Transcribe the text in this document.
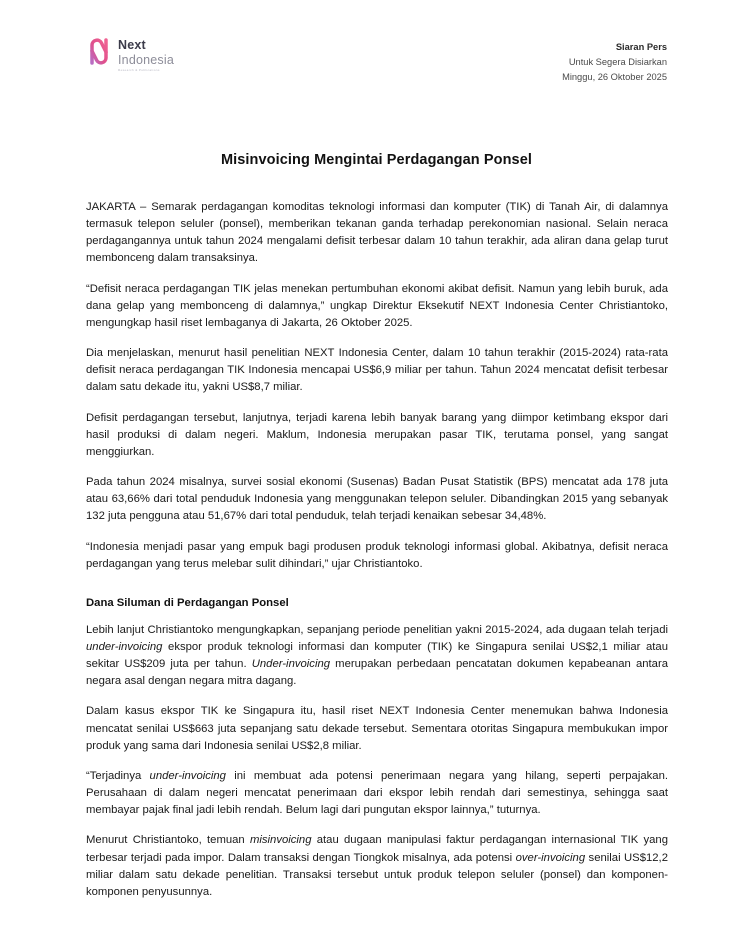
Next
Indonesia
Research & Publications
Siaran Pers
Untuk Segera Disiarkan
Minggu, 26 Oktober 2025
Misinvoicing Mengintai Perdagangan Ponsel

JAKARTA – Semarak perdagangan komoditas teknologi informasi dan komputer (TIK) di Tanah Air, di dalamnya termasuk telepon seluler (ponsel), memberikan tekanan ganda terhadap perekonomian nasional. Selain neraca perdagangannya untuk tahun 2024 mengalami defisit terbesar dalam 10 tahun terakhir, ada aliran dana gelap turut membonceng dalam transaksinya.

“Defisit neraca perdagangan TIK jelas menekan pertumbuhan ekonomi akibat defisit. Namun yang lebih buruk, ada dana gelap yang membonceng di dalamnya,” ungkap Direktur Eksekutif NEXT Indonesia Center Christiantoko, mengungkap hasil riset lembaganya di Jakarta, 26 Oktober 2025.

Dia menjelaskan, menurut hasil penelitian NEXT Indonesia Center, dalam 10 tahun terakhir (2015-2024) rata-rata defisit neraca perdagangan TIK Indonesia mencapai US$6,9 miliar per tahun. Tahun 2024 mencatat defisit terbesar dalam satu dekade itu, yakni US$8,7 miliar.

Defisit perdagangan tersebut, lanjutnya, terjadi karena lebih banyak barang yang diimpor ketimbang ekspor dari hasil produksi di dalam negeri. Maklum, Indonesia merupakan pasar TIK, terutama ponsel, yang sangat menggiurkan.

Pada tahun 2024 misalnya, survei sosial ekonomi (Susenas) Badan Pusat Statistik (BPS) mencatat ada 178 juta atau 63,66% dari total penduduk Indonesia yang menggunakan telepon seluler. Dibandingkan 2015 yang sebanyak 132 juta pengguna atau 51,67% dari total penduduk, telah terjadi kenaikan sebesar 34,48%.

“Indonesia menjadi pasar yang empuk bagi produsen produk teknologi informasi global. Akibatnya, defisit neraca perdagangan yang terus melebar sulit dihindari,” ujar Christiantoko.

Dana Siluman di Perdagangan Ponsel

Lebih lanjut Christiantoko mengungkapkan, sepanjang periode penelitian yakni 2015-2024, ada dugaan telah terjadi under-invoicing ekspor produk teknologi informasi dan komputer (TIK) ke Singapura senilai US$2,1 miliar atau sekitar US$209 juta per tahun. Under-invoicing merupakan perbedaan pencatatan dokumen kepabeanan antara negara asal dengan negara mitra dagang.

Dalam kasus ekspor TIK ke Singapura itu, hasil riset NEXT Indonesia Center menemukan bahwa Indonesia mencatat senilai US$663 juta sepanjang satu dekade tersebut. Sementara otoritas Singapura membukukan impor produk yang sama dari Indonesia senilai US$2,8 miliar.

“Terjadinya under-invoicing ini membuat ada potensi penerimaan negara yang hilang, seperti perpajakan. Perusahaan di dalam negeri mencatat penerimaan dari ekspor lebih rendah dari semestinya, sehingga saat membayar pajak final jadi lebih rendah. Belum lagi dari pungutan ekspor lainnya,” tuturnya.

Menurut Christiantoko, temuan misinvoicing atau dugaan manipulasi faktur perdagangan internasional TIK yang terbesar terjadi pada impor. Dalam transaksi dengan Tiongkok misalnya, ada potensi over-invoicing senilai US$12,2 miliar dalam satu dekade penelitian. Transaksi tersebut untuk produk telepon seluler (ponsel) dan komponen-komponen penyusunnya.
